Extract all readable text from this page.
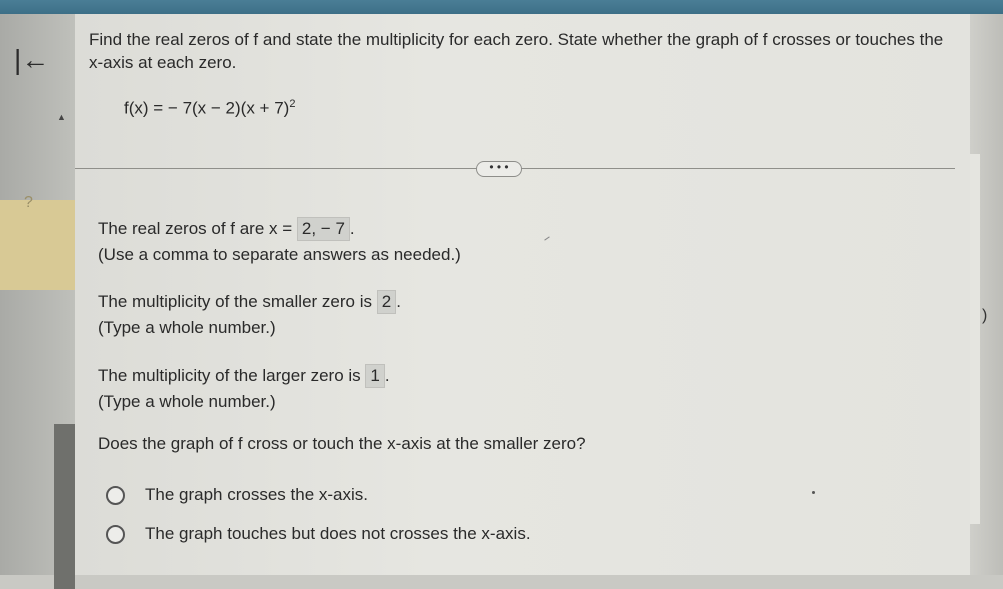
|←
?
▲
)
Find the real zeros of f and state the multiplicity for each zero. State whether the graph of f crosses or touches the x-axis at each zero.
f(x) = − $7(x - 2)(x + 7)^2$
• • •
The real zeros of f are x = 2, − 7 .
(Use a comma to separate answers as needed.)
The multiplicity of the smaller zero is 2 .
(Type a whole number.)
The multiplicity of the larger zero is 1 .
(Type a whole number.)
Does the graph of f cross or touch the x-axis at the smaller zero?
The graph crosses the x-axis.
The graph touches but does not crosses the x-axis.
